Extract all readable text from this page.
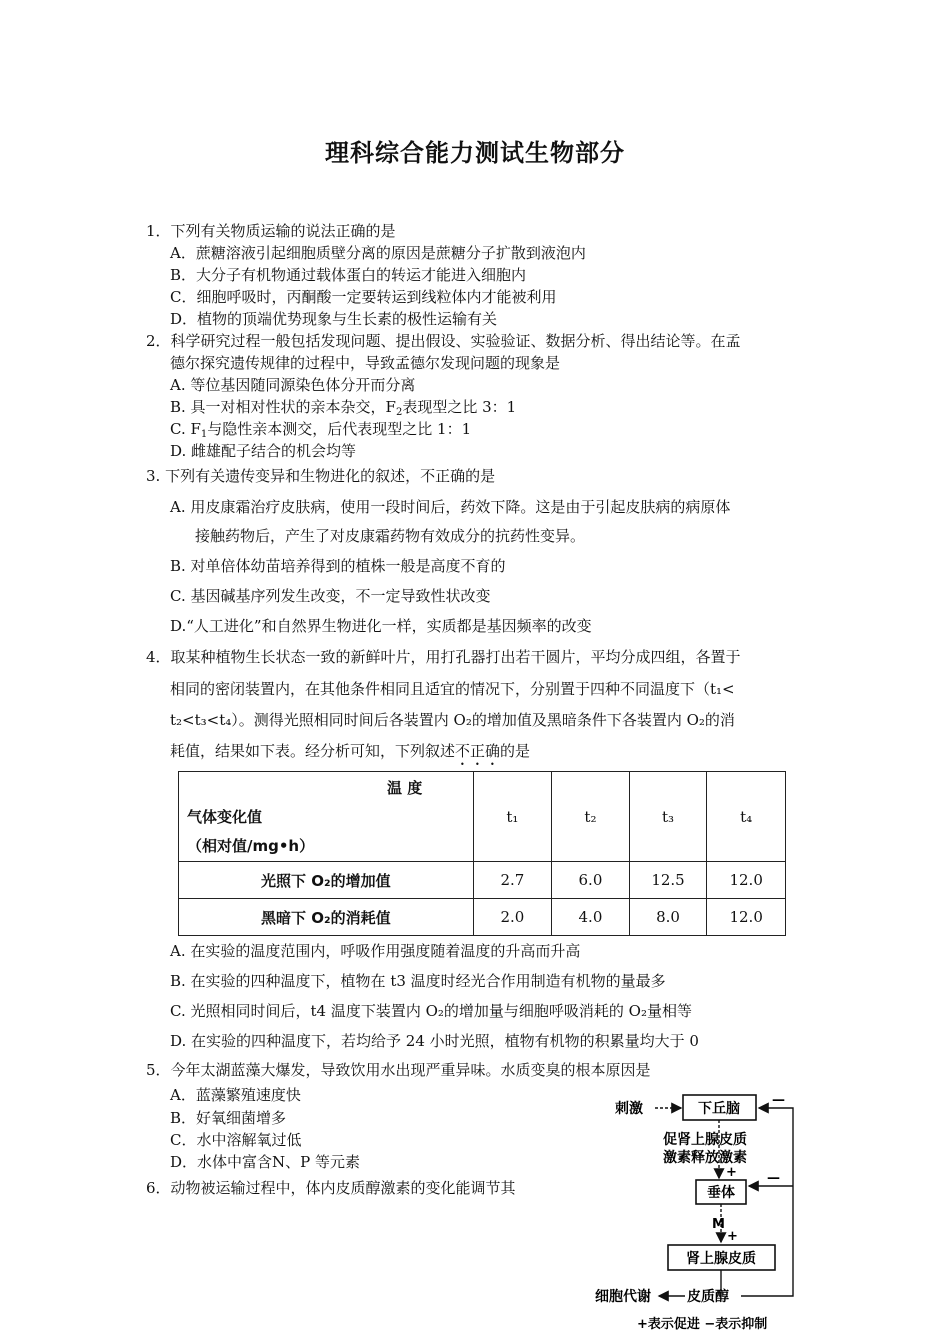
理科综合能力测试生物部分
1．下列有关物质运输的说法正确的是
A．蔗糖溶液引起细胞质壁分离的原因是蔗糖分子扩散到液泡内
B．大分子有机物通过载体蛋白的转运才能进入细胞内
C．细胞呼吸时，丙酮酸一定要转运到线粒体内才能被利用
D．植物的顶端优势现象与生长素的极性运输有关
2．科学研究过程一般包括发现问题、提出假设、实验验证、数据分析、得出结论等。在孟
德尔探究遗传规律的过程中，导致孟德尔发现问题的现象是
A. 等位基因随同源染色体分开而分离
B. 具一对相对性状的亲本杂交，$F_2$表现型之比 3：1
C. $F_1$与隐性亲本测交，后代表现型之比 1：1
D. 雌雄配子结合的机会均等
3. 下列有关遗传变异和生物进化的叙述，不正确的是
A. 用皮康霜治疗皮肤病，使用一段时间后，药效下降。这是由于引起皮肤病的病原体
接触药物后，产生了对皮康霜药物有效成分的抗药性变异。
B. 对单倍体幼苗培养得到的植株一般是高度不育的
C. 基因碱基序列发生改变，不一定导致性状改变
D.“人工进化”和自然界生物进化一样，实质都是基因频率的改变
4．取某种植物生长状态一致的新鲜叶片，用打孔器打出若干圆片，平均分成四组，各置于
相同的密闭装置内，在其他条件相同且适宜的情况下，分别置于四种不同温度下（t₁<
t₂<t₃<t₄）。测得光照相同时间后各装置内 O₂的增加值及黑暗条件下各装置内 O₂的消
耗值，结果如下表。经分析可知，下列叙述不正确的是
温 度
气体变化值
（相对值/mg•h）	t₁	t₂	t₃	t₄
光照下 O₂的增加值	2.7	6.0	12.5	12.0
黑暗下 O₂的消耗值	2.0	4.0	8.0	12.0
A. 在实验的温度范围内，呼吸作用强度随着温度的升高而升高
B. 在实验的四种温度下，植物在 t3 温度时经光合作用制造有机物的量最多
C. 光照相同时间后，t4 温度下装置内 O₂的增加量与细胞呼吸消耗的 O₂量相等
D. 在实验的四种温度下，若均给予 24 小时光照，植物有机物的积累量均大于 0
5．今年太湖蓝藻大爆发，导致饮用水出现严重异味。水质变臭的根本原因是
A．蓝藻繁殖速度快
B．好氧细菌增多
C．水中溶解氧过低
D．水体中富含N、P 等元素
6．动物被运输过程中，体内皮质醇激素的变化能调节其
刺激	下丘脑
促肾上腺皮质
激素释放激素
+
垂体
M
+
肾上腺皮质
皮质醇
细胞代谢
—
—
+表示促进 −表示抑制
